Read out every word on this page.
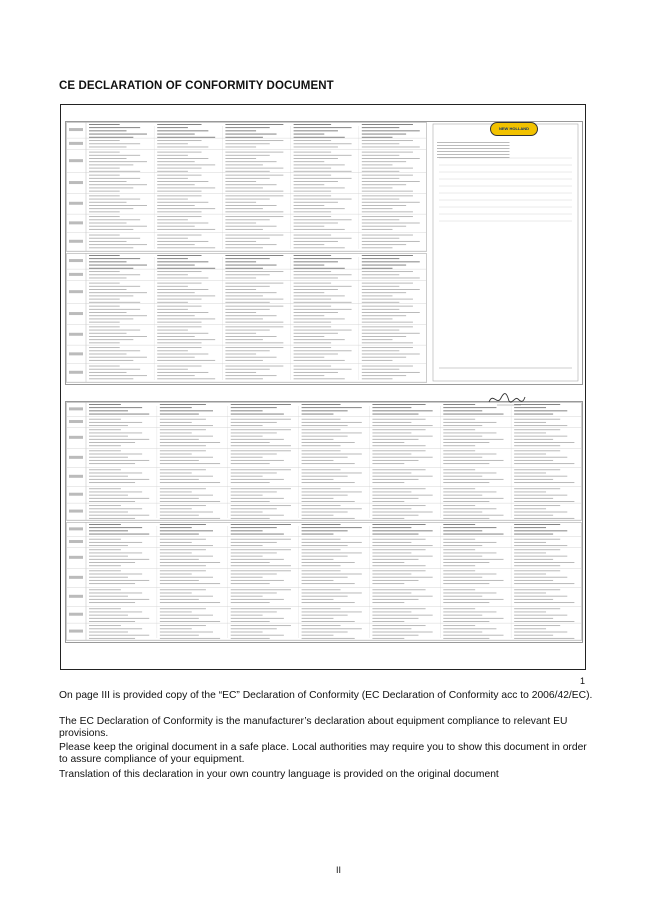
CE DECLARATION OF CONFORMITY DOCUMENT
NEW HOLLAND
1
On page III is provided copy of the “EC” Declaration of Conformity (EC Declaration of Conformity acc to 2006/42/EC).
The EC Declaration of Conformity is the manufacturer’s declaration about equipment compliance to relevant EU provisions.
Please keep the original document in a safe place. Local authorities may require you to show this document in order to assure compliance of your equipment.
Translation of this declaration in your own country language is provided on the original document
II
